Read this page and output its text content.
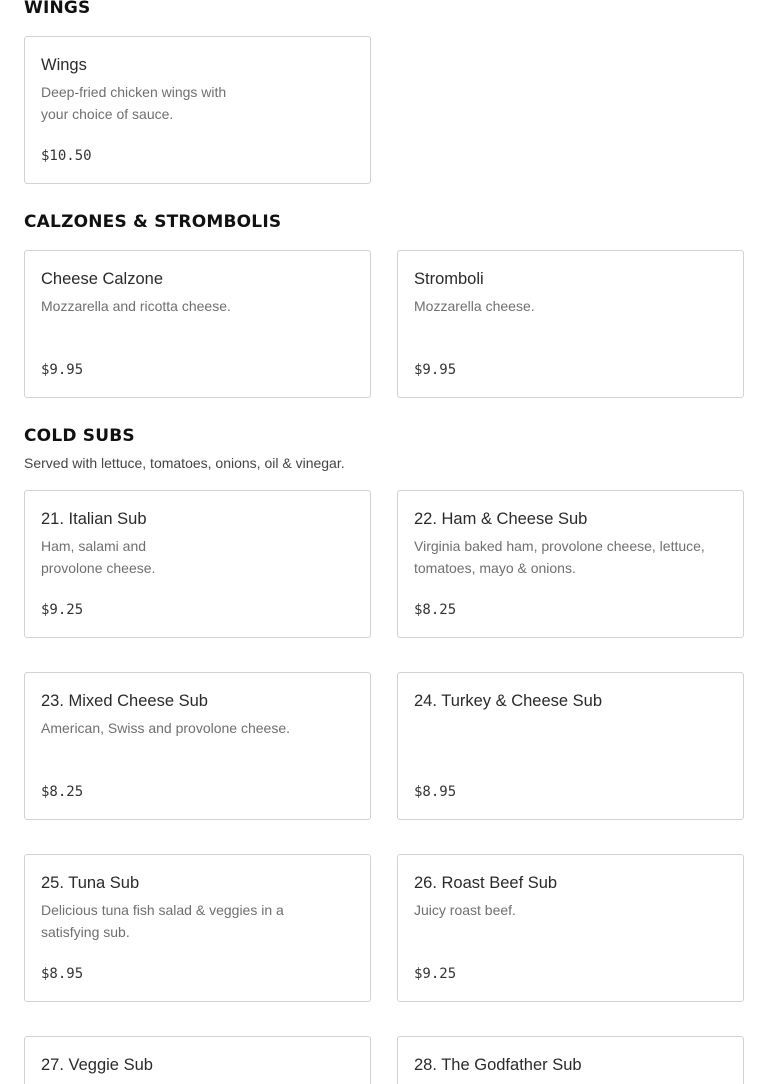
WINGS

Wings

Deep-fried chicken wings with your choice of sauce.

$10.50

CALZONES & STROMBOLIS

Cheese Calzone

Mozzarella and ricotta cheese.

$9.95

Stromboli

Mozzarella cheese.

$9.95

COLD SUBS

Served with lettuce, tomatoes, onions, oil & vinegar.

21. Italian Sub

Ham, salami and provolone cheese.

$9.25

22. Ham & Cheese Sub

Virginia baked ham, provolone cheese, lettuce, tomatoes, mayo & onions.

$8.25

23. Mixed Cheese Sub

American, Swiss and provolone cheese.

$8.25

24. Turkey & Cheese Sub

$8.95

25. Tuna Sub

Delicious tuna fish salad & veggies in a satisfying sub.

$8.95

26. Roast Beef Sub

Juicy roast beef.

$9.25

27. Veggie Sub	28. The Godfather Sub
